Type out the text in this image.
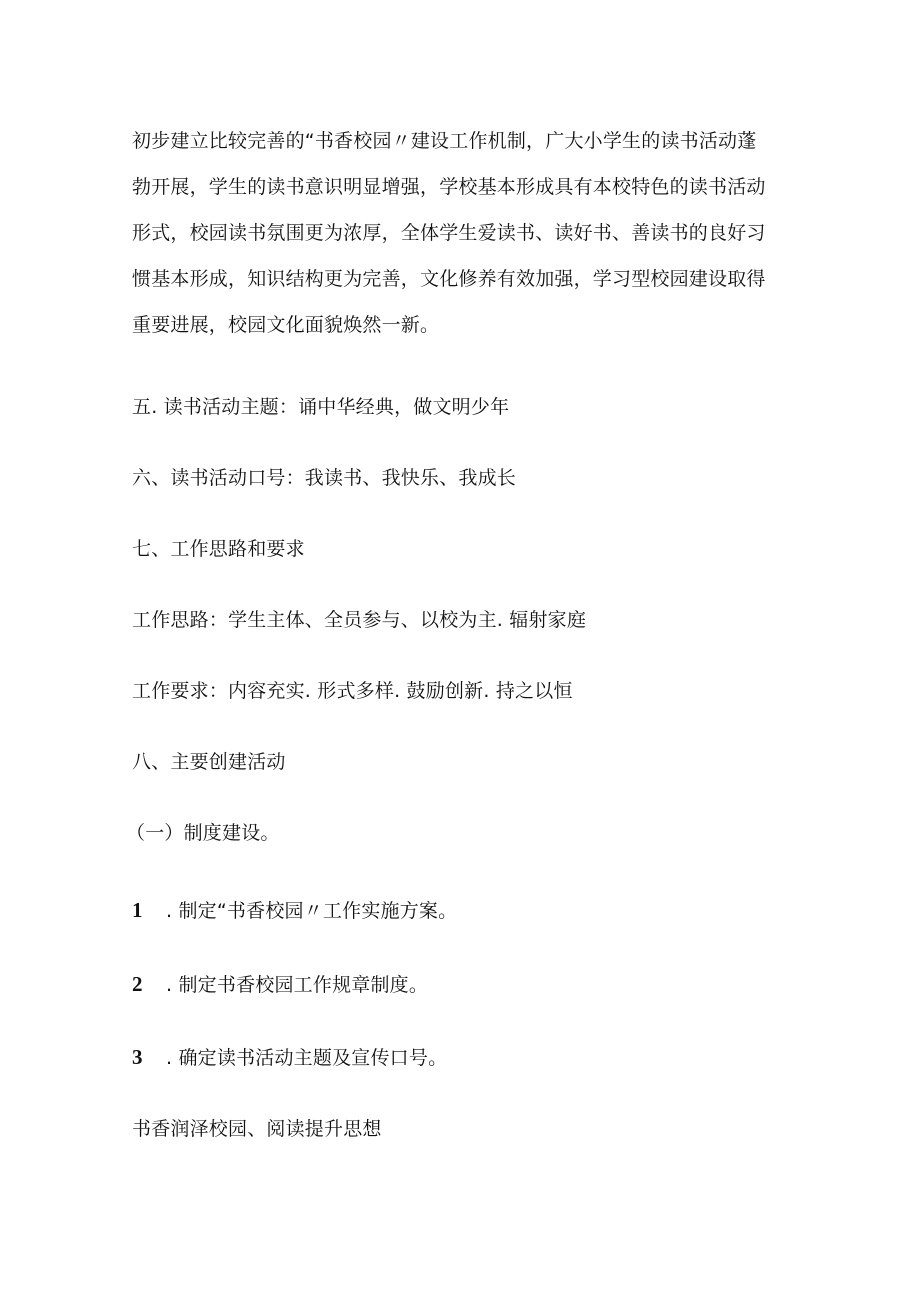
初步建立比较完善的“书香校园〃建设工作机制，广大小学生的读书活动蓬
勃开展，学生的读书意识明显增强，学校基本形成具有本校特色的读书活动
形式，校园读书氛围更为浓厚，全体学生爱读书、读好书、善读书的良好习
惯基本形成，知识结构更为完善，文化修养有效加强，学习型校园建设取得
重要进展，校园文化面貌焕然一新。
五. 读书活动主题：诵中华经典，做文明少年
六、读书活动口号：我读书、我快乐、我成长
七、工作思路和要求
工作思路：学生主体、全员参与、以校为主. 辐射家庭
工作要求：内容充实. 形式多样. 鼓励创新. 持之以恒
八、主要创建活动
（一）制度建设。
1 . 制定“书香校园〃工作实施方案。
2 . 制定书香校园工作规章制度。
3 . 确定读书活动主题及宣传口号。
书香润泽校园、阅读提升思想
